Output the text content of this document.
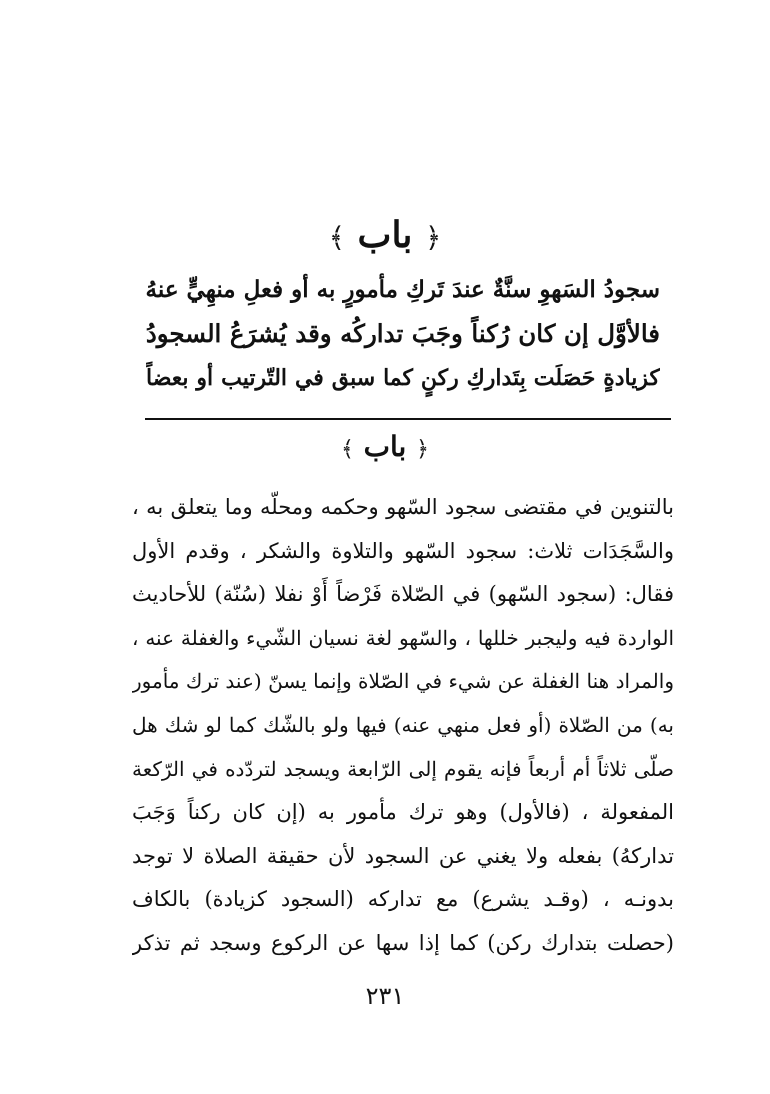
﴿ باب ﴾
سجودُ السَهوِ سنَّةٌ عندَ تَركِ مأمورٍ به أو فعلِ منهِيٍّ عنهُ
فالأوَّل إن كان رُكناً وجَبَ تداركُه وقد يُشرَعُ السجودُ
كزيادةٍ حَصَلَت بِتَداركِ ركنٍ كما سبق في التّرتيب أو بعضاً
﴿ باب ﴾
بالتنوين في مقتضى سجود السّهو وحكمه ومحلّه وما يتعلق به ،
والسَّجَدَات ثلاث: سجود السّهو والتلاوة والشكر ، وقدم الأول
فقال: (سجود السّهو) في الصّلاة فَرْضاً أَوْ نفلا (سُنّة) للأحاديث
الواردة فيه وليجبر خللها ، والسّهو لغة نسيان الشّيء والغفلة عنه ،
والمراد هنا الغفلة عن شيء في الصّلاة وإنما يسنّ (عند ترك مأمور
به) من الصّلاة (أو فعل منهي عنه) فيها ولو بالشّك كما لو شك هل
صلّى ثلاثاً أم أربعاً فإنه يقوم إلى الرّابعة ويسجد لتردّده في الرّكعة
المفعولة ، (فالأول) وهو ترك مأمور به (إن كان ركناً وَجَبَ
تداركهُ) بفعله ولا يغني عن السجود لأن حقيقة الصلاة لا توجد
بدونـه ، (وقـد يشرع) مع تداركه (السجود كزيادة) بالكاف
(حصلت بتدارك ركن) كما إذا سها عن الركوع وسجد ثم تذكر
٢٣١
